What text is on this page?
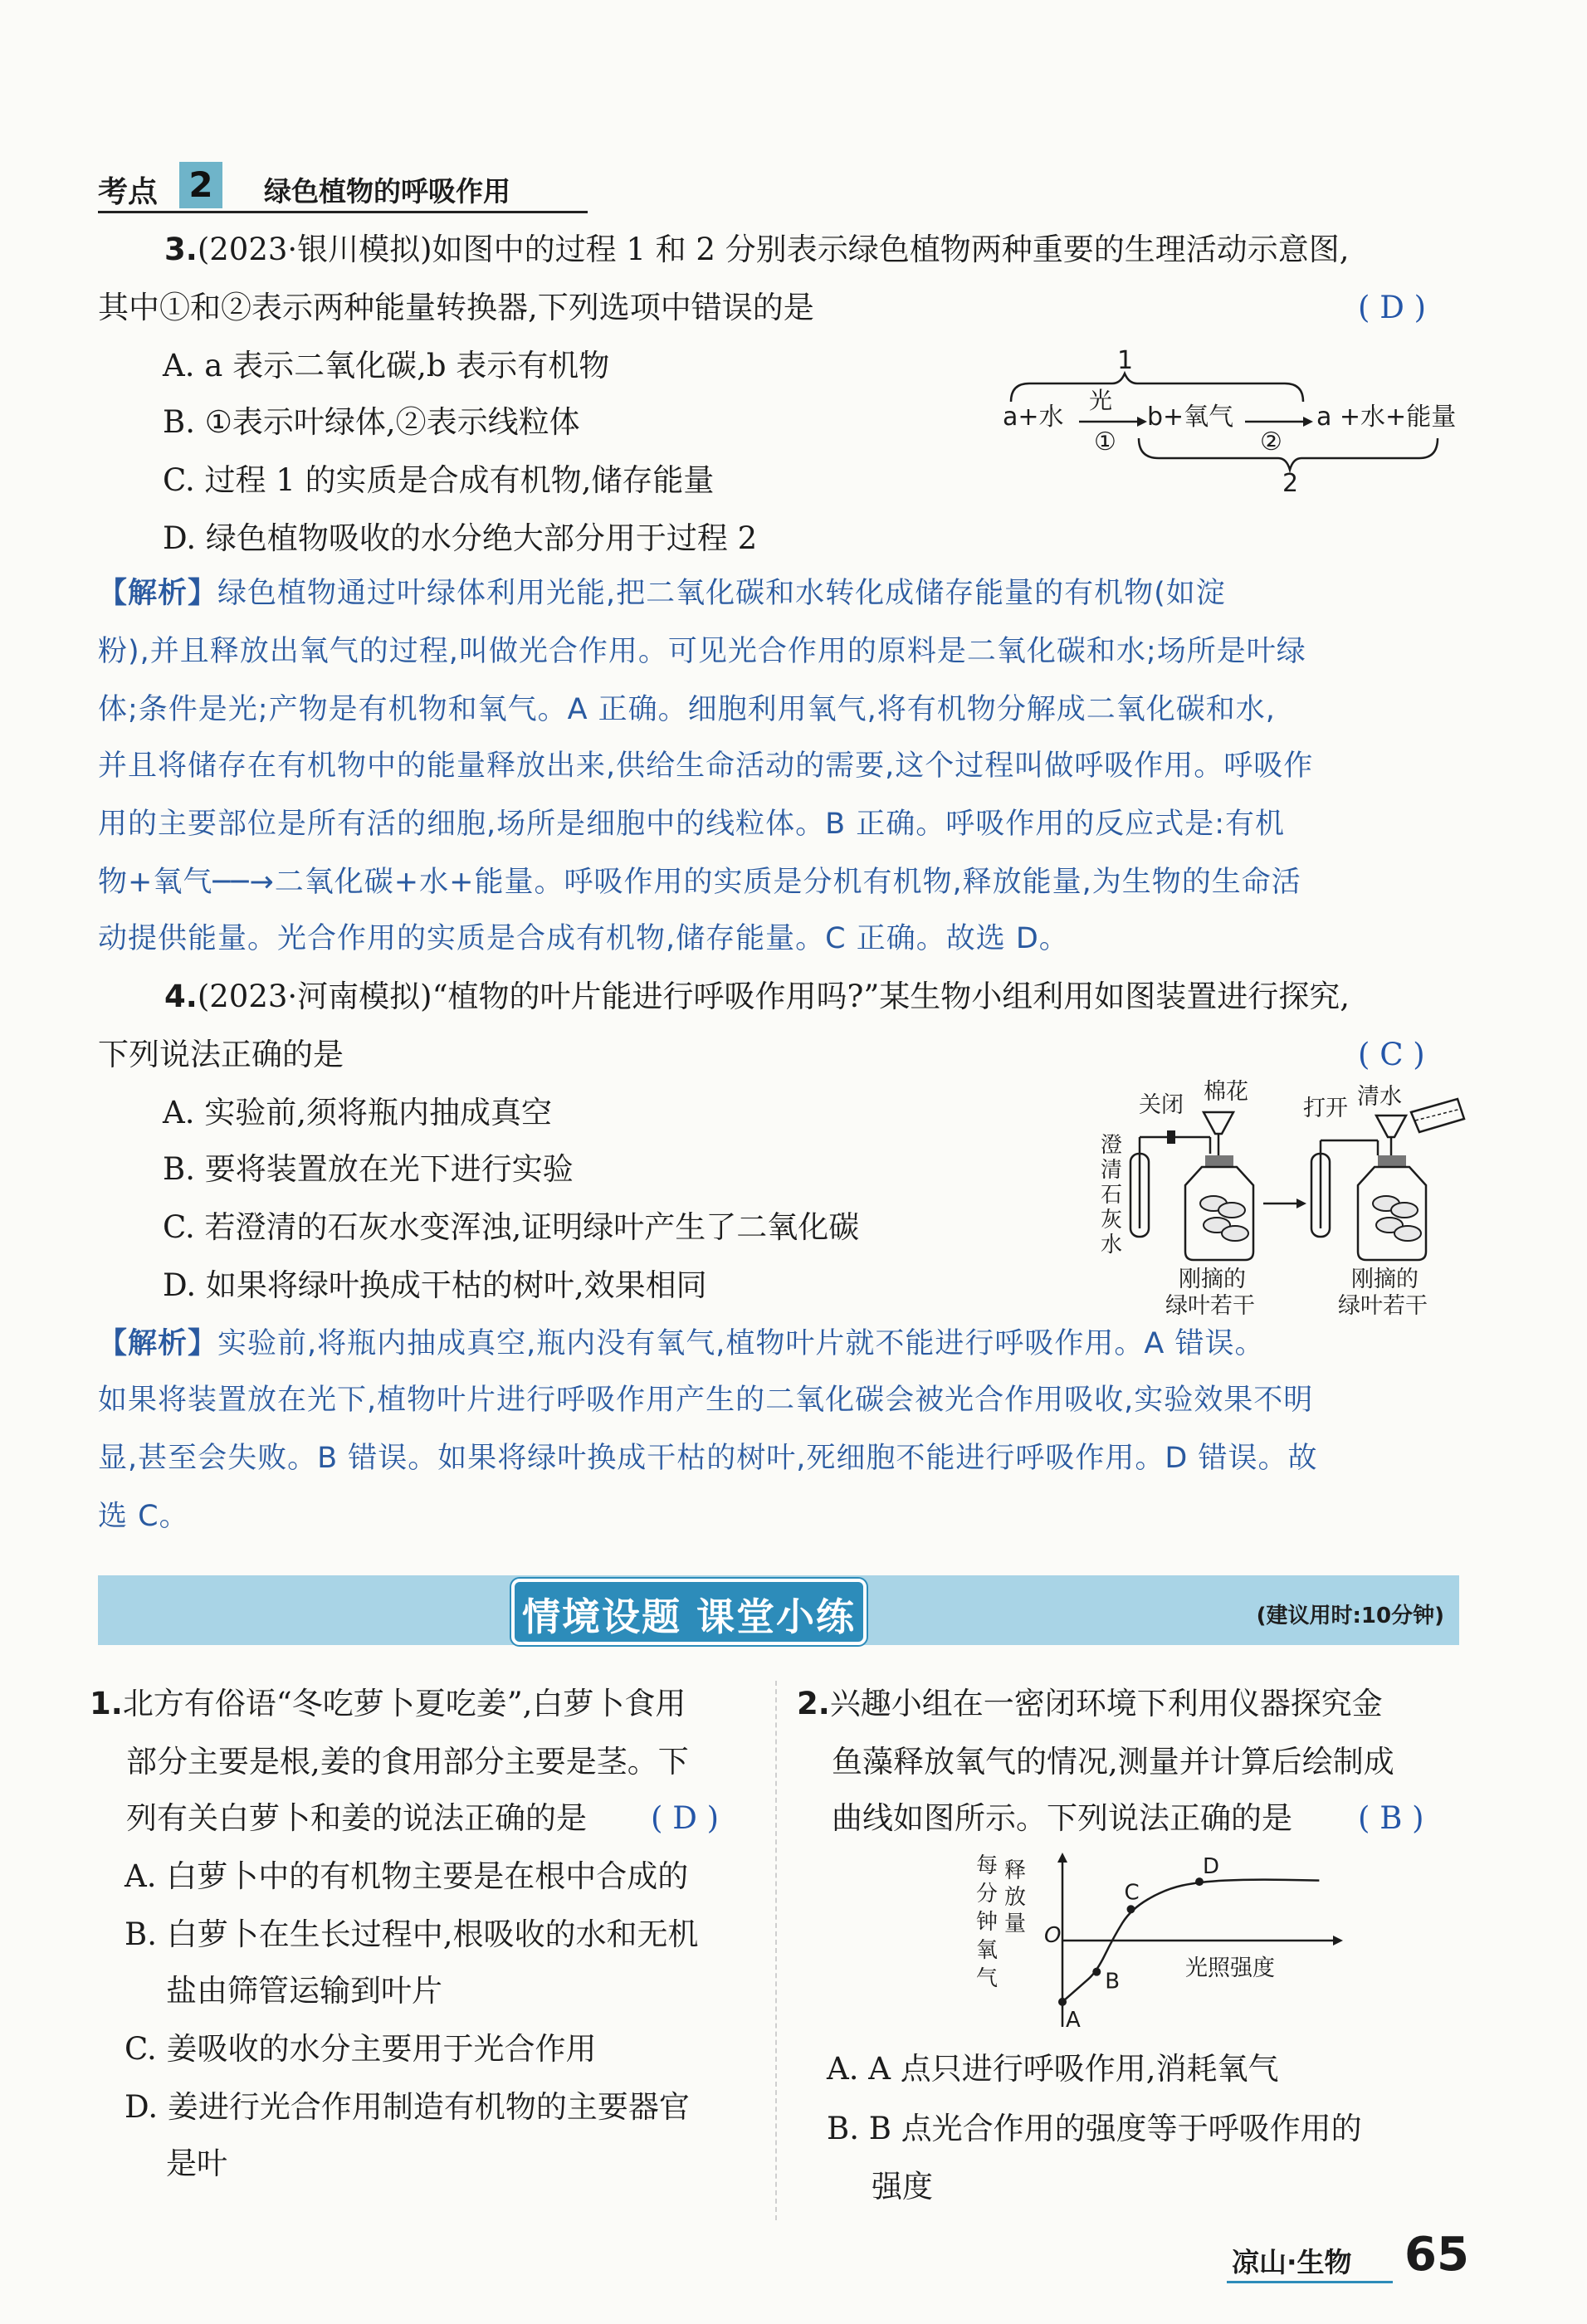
考点 2	绿色植物的呼吸作用
3.(2023·银川模拟)如图中的过程 1 和 2 分别表示绿色植物两种重要的生理活动示意图,
其中①和②表示两种能量转换器,下列选项中错误的是	( D )
A. a 表示二氧化碳,b 表示有机物
B. ①表示叶绿体,②表示线粒体
C. 过程 1 的实质是合成有机物,储存能量
D. 绿色植物吸收的水分绝大部分用于过程 2
1
a+水
光
①
b+氧气
②
a +水+能量
2
【解析】绿色植物通过叶绿体利用光能,把二氧化碳和水转化成储存能量的有机物(如淀
粉),并且释放出氧气的过程,叫做光合作用。可见光合作用的原料是二氧化碳和水;场所是叶绿
体;条件是光;产物是有机物和氧气。A 正确。细胞利用氧气,将有机物分解成二氧化碳和水,
并且将储存在有机物中的能量释放出来,供给生命活动的需要,这个过程叫做呼吸作用。呼吸作
用的主要部位是所有活的细胞,场所是细胞中的线粒体。B 正确。呼吸作用的反应式是:有机
物+氧气──→二氧化碳+水+能量。呼吸作用的实质是分机有机物,释放能量,为生物的生命活
动提供能量。光合作用的实质是合成有机物,储存能量。C 正确。故选 D。
4.(2023·河南模拟)“植物的叶片能进行呼吸作用吗?”某生物小组利用如图装置进行探究,
下列说法正确的是	( C )
A. 实验前,须将瓶内抽成真空
B. 要将装置放在光下进行实验
C. 若澄清的石灰水变浑浊,证明绿叶产生了二氧化碳
D. 如果将绿叶换成干枯的树叶,效果相同
关闭
棉花
打开 清水
澄
清
石
灰
水
刚摘的
绿叶若干
刚摘的
绿叶若干
【解析】实验前,将瓶内抽成真空,瓶内没有氧气,植物叶片就不能进行呼吸作用。A 错误。
如果将装置放在光下,植物叶片进行呼吸作用产生的二氧化碳会被光合作用吸收,实验效果不明
显,甚至会失败。B 错误。如果将绿叶换成干枯的树叶,死细胞不能进行呼吸作用。D 错误。故
选 C。
情境设题 课堂小练	(建议用时:10分钟)
1.北方有俗语“冬吃萝卜夏吃姜”,白萝卜食用
部分主要是根,姜的食用部分主要是茎。下
列有关白萝卜和姜的说法正确的是 ( D )
A. 白萝卜中的有机物主要是在根中合成的
B. 白萝卜在生长过程中,根吸收的水和无机
盐由筛管运输到叶片
C. 姜吸收的水分主要用于光合作用
D. 姜进行光合作用制造有机物的主要器官
是叶
2.兴趣小组在一密闭环境下利用仪器探究金
鱼藻释放氧气的情况,测量并计算后绘制成
曲线如图所示。下列说法正确的是 ( B )
每
分
钟
氧
气
释
放
量 O
光照强度
A
B
C
D
A. A 点只进行呼吸作用,消耗氧气
B. B 点光合作用的强度等于呼吸作用的
强度
凉山·生物 65
